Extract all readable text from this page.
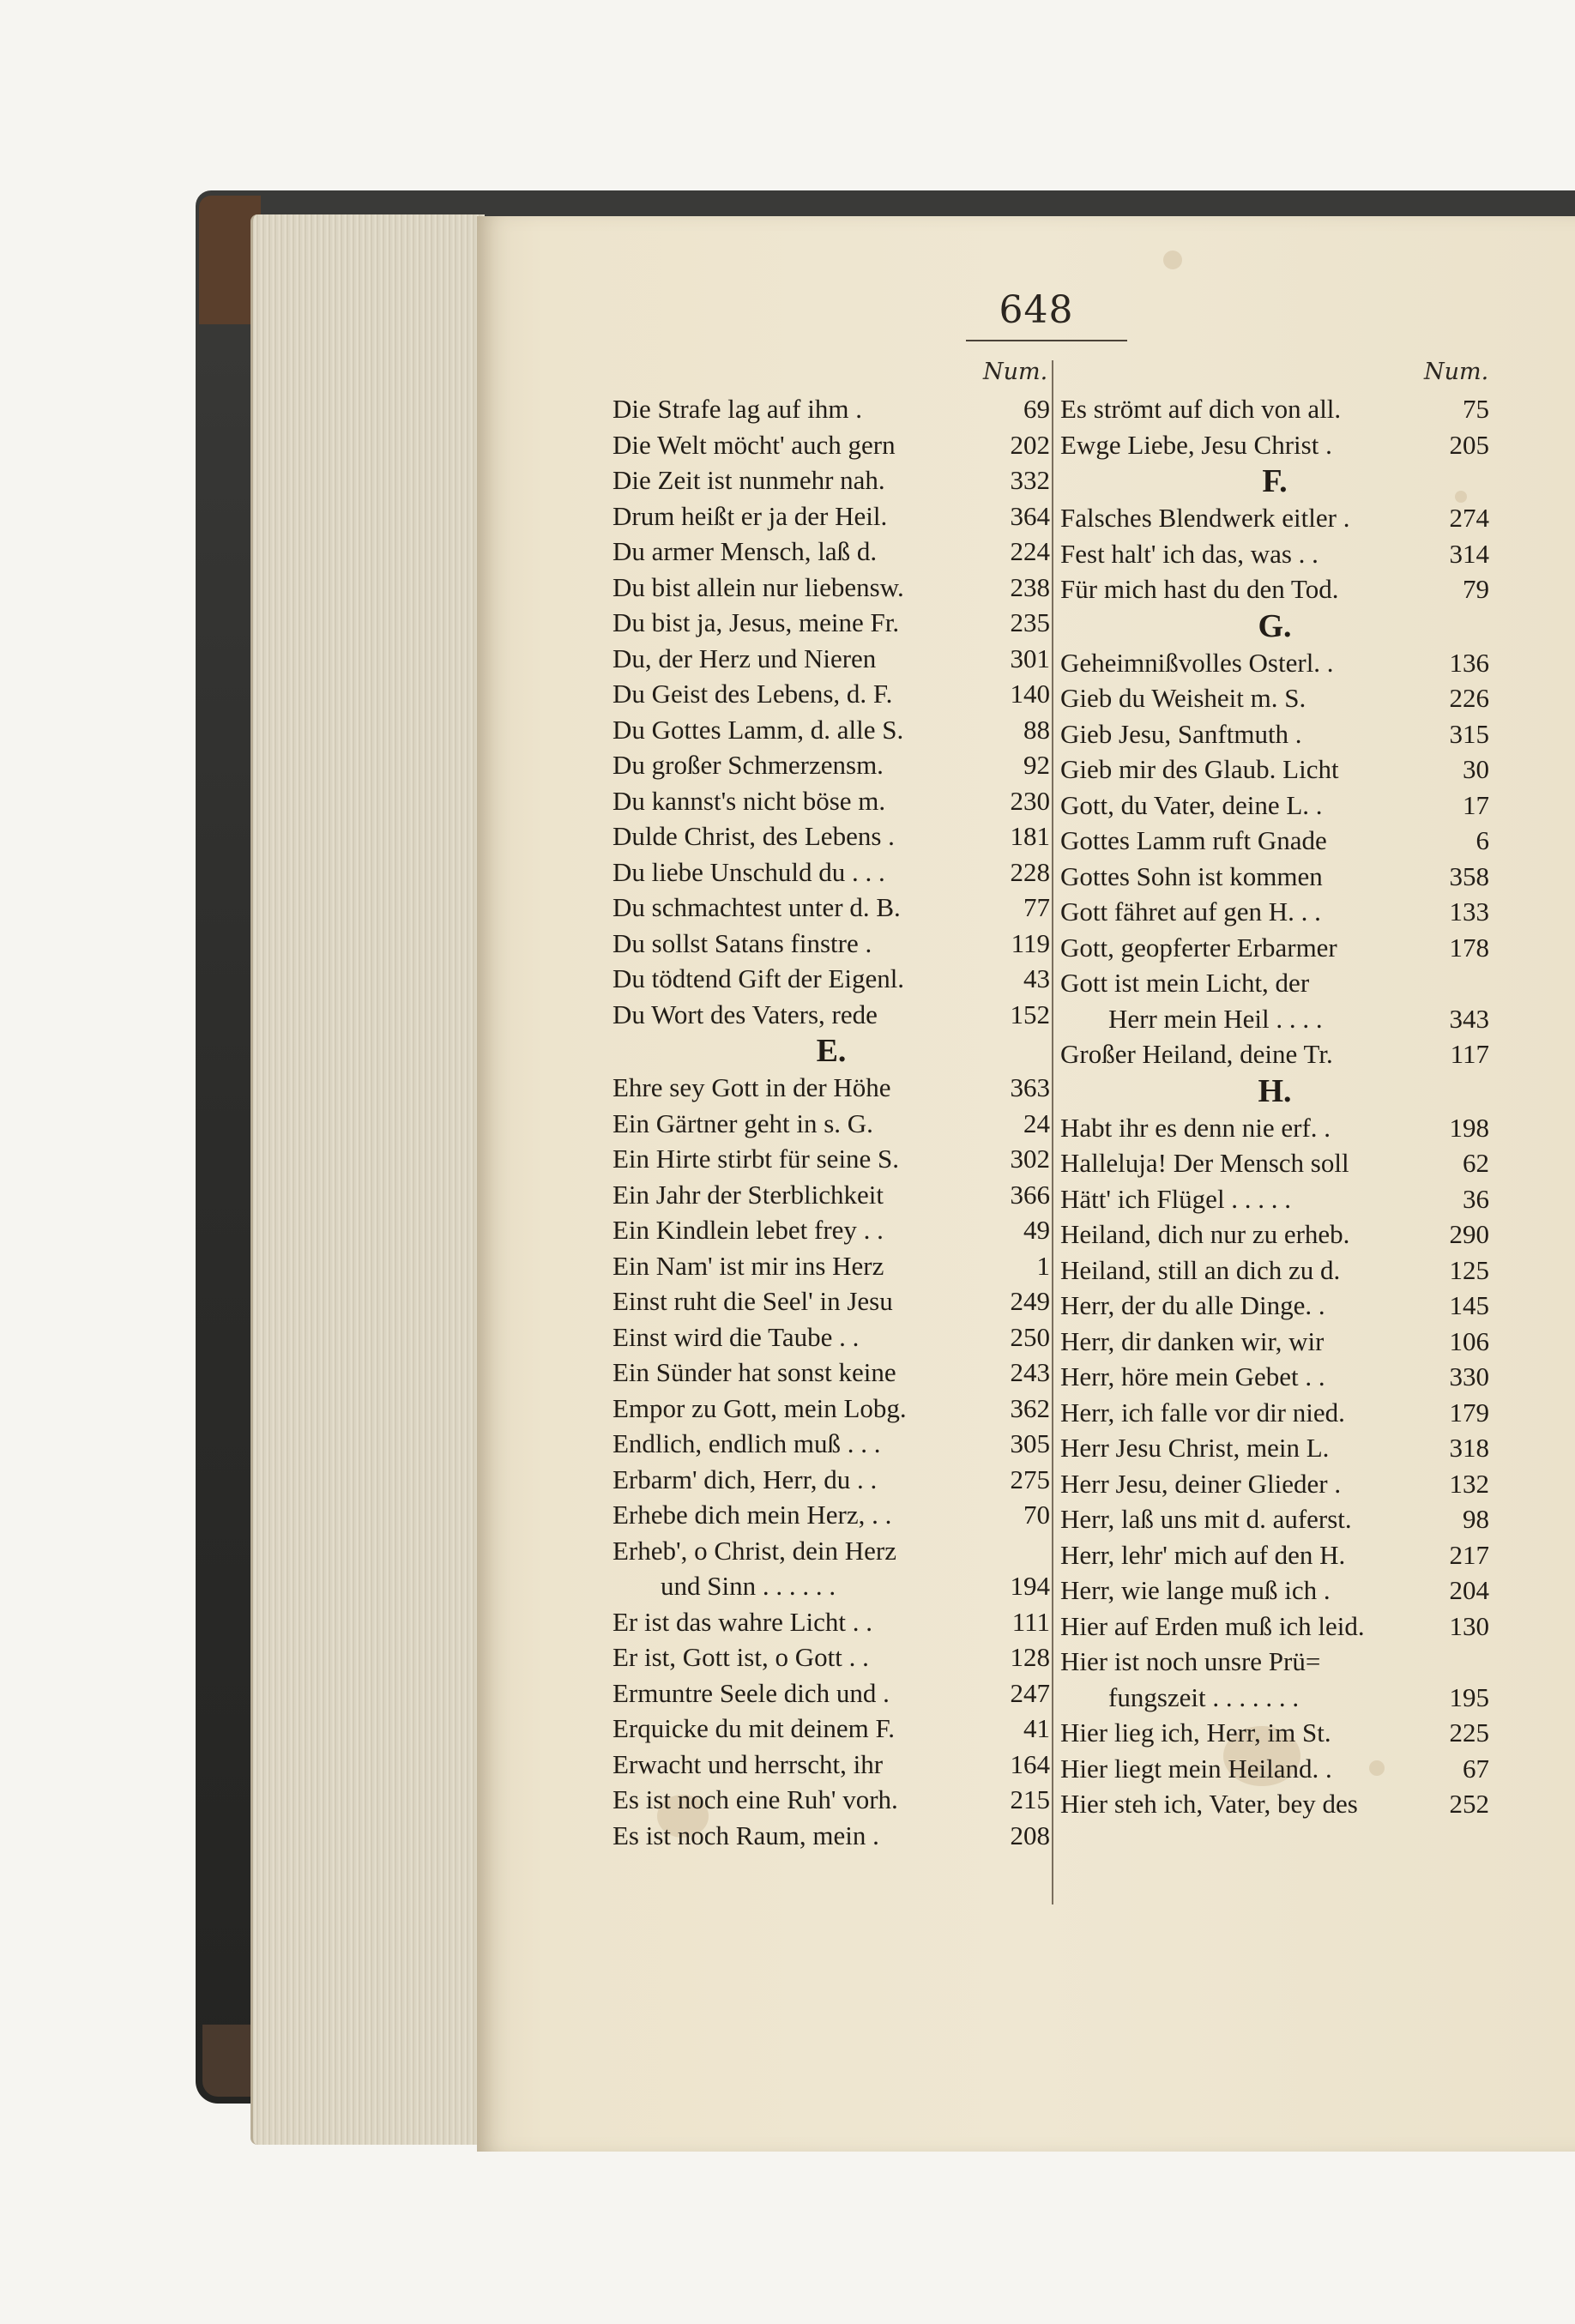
648
Num.	Num.
Die Strafe lag auf ihm .	69
Die Welt möcht' auch gern	202
Die Zeit ist nunmehr nah.	332
Drum heißt er ja der Heil.	364
Du armer Mensch, laß d.	224
Du bist allein nur liebensw.	238
Du bist ja, Jesus, meine Fr.	235
Du, der Herz und Nieren	301
Du Geist des Lebens, d. F.	140
Du Gottes Lamm, d. alle S.	88
Du großer Schmerzensm.	92
Du kannst's nicht böse m.	230
Dulde Christ, des Lebens .	181
Du liebe Unschuld du . . .	228
Du schmachtest unter d. B.	77
Du sollst Satans finstre .	119
Du tödtend Gift der Eigenl.	43
Du Wort des Vaters, rede	152
E.
Ehre sey Gott in der Höhe	363
Ein Gärtner geht in s. G.	24
Ein Hirte stirbt für seine S.	302
Ein Jahr der Sterblichkeit	366
Ein Kindlein lebet frey . .	49
Ein Nam' ist mir ins Herz	1
Einst ruht die Seel' in Jesu	249
Einst wird die Taube . .	250
Ein Sünder hat sonst keine	243
Empor zu Gott, mein Lobg.	362
Endlich, endlich muß . . .	305
Erbarm' dich, Herr, du . .	275
Erhebe dich mein Herz, . .	70
Erheb', o Christ, dein Herz
und Sinn . . . . . .	194
Er ist das wahre Licht . .	111
Er ist, Gott ist, o Gott . .	128
Ermuntre Seele dich und .	247
Erquicke du mit deinem F.	41
Erwacht und herrscht, ihr	164
Es ist noch eine Ruh' vorh.	215
Es ist noch Raum, mein .	208
Es strömt auf dich von all.	75
Ewge Liebe, Jesu Christ .	205
F.
Falsches Blendwerk eitler .	274
Fest halt' ich das, was . .	314
Für mich hast du den Tod.	79
G.
Geheimnißvolles Osterl. .	136
Gieb du Weisheit m. S.	226
Gieb Jesu, Sanftmuth .	315
Gieb mir des Glaub. Licht	30
Gott, du Vater, deine L. .	17
Gottes Lamm ruft Gnade	6
Gottes Sohn ist kommen	358
Gott fähret auf gen H. . .	133
Gott, geopferter Erbarmer	178
Gott ist mein Licht, der
Herr mein Heil . . . .	343
Großer Heiland, deine Tr.	117
H.
Habt ihr es denn nie erf. .	198
Halleluja! Der Mensch soll	62
Hätt' ich Flügel . . . . .	36
Heiland, dich nur zu erheb.	290
Heiland, still an dich zu d.	125
Herr, der du alle Dinge. .	145
Herr, dir danken wir, wir	106
Herr, höre mein Gebet . .	330
Herr, ich falle vor dir nied.	179
Herr Jesu Christ, mein L.	318
Herr Jesu, deiner Glieder .	132
Herr, laß uns mit d. auferst.	98
Herr, lehr' mich auf den H.	217
Herr, wie lange muß ich .	204
Hier auf Erden muß ich leid.	130
Hier ist noch unsre Prü=
fungszeit . . . . . . .	195
Hier lieg ich, Herr, im St.	225
Hier liegt mein Heiland. .	67
Hier steh ich, Vater, bey des	252
